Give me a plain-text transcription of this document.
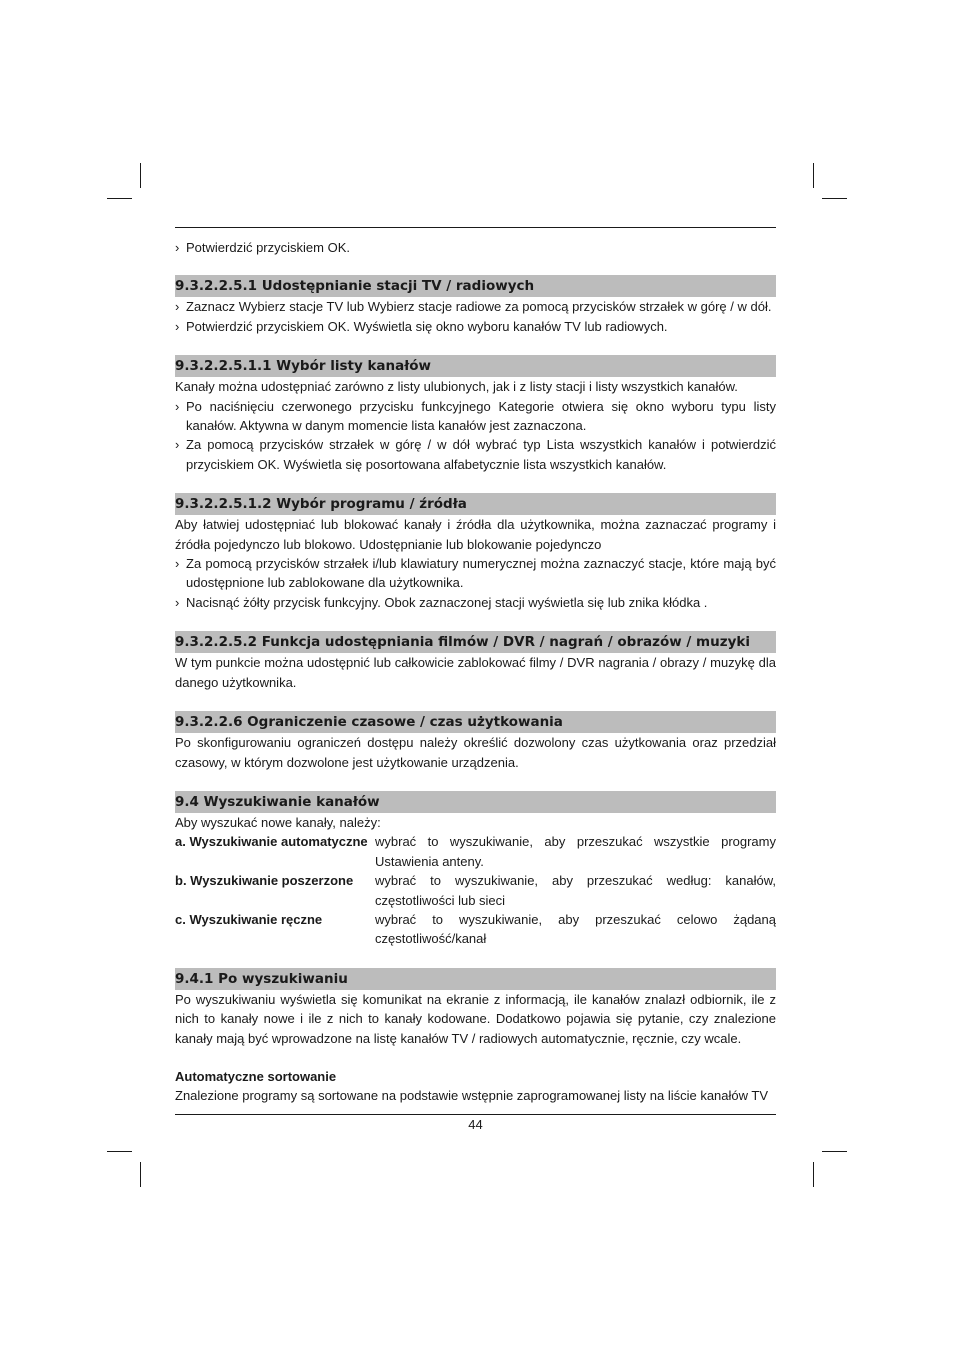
› Potwierdzić przyciskiem OK.

9.3.2.2.5.1 Udostępnianie stacji TV / radiowych

› Zaznacz Wybierz stacje TV lub Wybierz stacje radiowe za pomocą przycisków strzałek w górę / w dół.

› Potwierdzić przyciskiem OK. Wyświetla się okno wyboru kanałów TV lub radiowych.

9.3.2.2.5.1.1 Wybór listy kanałów

Kanały można udostępniać zarówno z listy ulubionych, jak i z listy stacji i listy wszystkich kanałów.

› Po naciśnięciu czerwonego przycisku funkcyjnego Kategorie otwiera się okno wyboru typu listy kanałów. Aktywna w danym momencie lista kanałów jest zaznaczona.

› Za pomocą przycisków strzałek w górę / w dół wybrać typ Lista wszystkich kanałów i potwierdzić przyciskiem OK. Wyświetla się posortowana alfabetycznie lista wszystkich kanałów.

9.3.2.2.5.1.2 Wybór programu / źródła

Aby łatwiej udostępniać lub blokować kanały i źródła dla użytkownika, można zaznaczać programy i źródła pojedynczo lub blokowo. Udostępnianie lub blokowanie pojedynczo

› Za pomocą przycisków strzałek i/lub klawiatury numerycznej można zaznaczyć stacje, które mają być udostępnione lub zablokowane dla użytkownika.

› Nacisnąć żółty przycisk funkcyjny. Obok zaznaczonej stacji wyświetla się lub znika kłódka .

9.3.2.2.5.2 Funkcja udostępniania filmów / DVR / nagrań / obrazów / muzyki

W tym punkcie można udostępnić lub całkowicie zablokować filmy / DVR nagrania / obrazy / muzykę dla danego użytkownika.

9.3.2.2.6 Ograniczenie czasowe / czas użytkowania

Po skonfigurowaniu ograniczeń dostępu należy określić dozwolony czas użytkowania oraz przedział czasowy, w którym dozwolone jest użytkowanie urządzenia.

9.4 Wyszukiwanie kanałów

Aby wyszukać nowe kanały, należy:

a. Wyszukiwanie automatyczne wybrać to wyszukiwanie, aby przeszukać wszystkie programy Ustawienia anteny.
b. Wyszukiwanie poszerzone	wybrać to wyszukiwanie, aby przeszukać według: kanałów, częstotliwości lub sieci
c. Wyszukiwanie ręczne	wybrać to wyszukiwanie, aby przeszukać celowo żądaną częstotliwość/kanał
9.4.1 Po wyszukiwaniu

Po wyszukiwaniu wyświetla się komunikat na ekranie z informacją, ile kanałów znalazł odbiornik, ile z nich to kanały nowe i ile z nich to kanały kodowane. Dodatkowo pojawia się pytanie, czy znalezione kanały mają być wprowadzone na listę kanałów TV / radiowych automatycznie, ręcznie, czy wcale.

Automatyczne sortowanie

Znalezione programy są sortowane na podstawie wstępnie zaprogramowanej listy na liście kanałów TV

44
